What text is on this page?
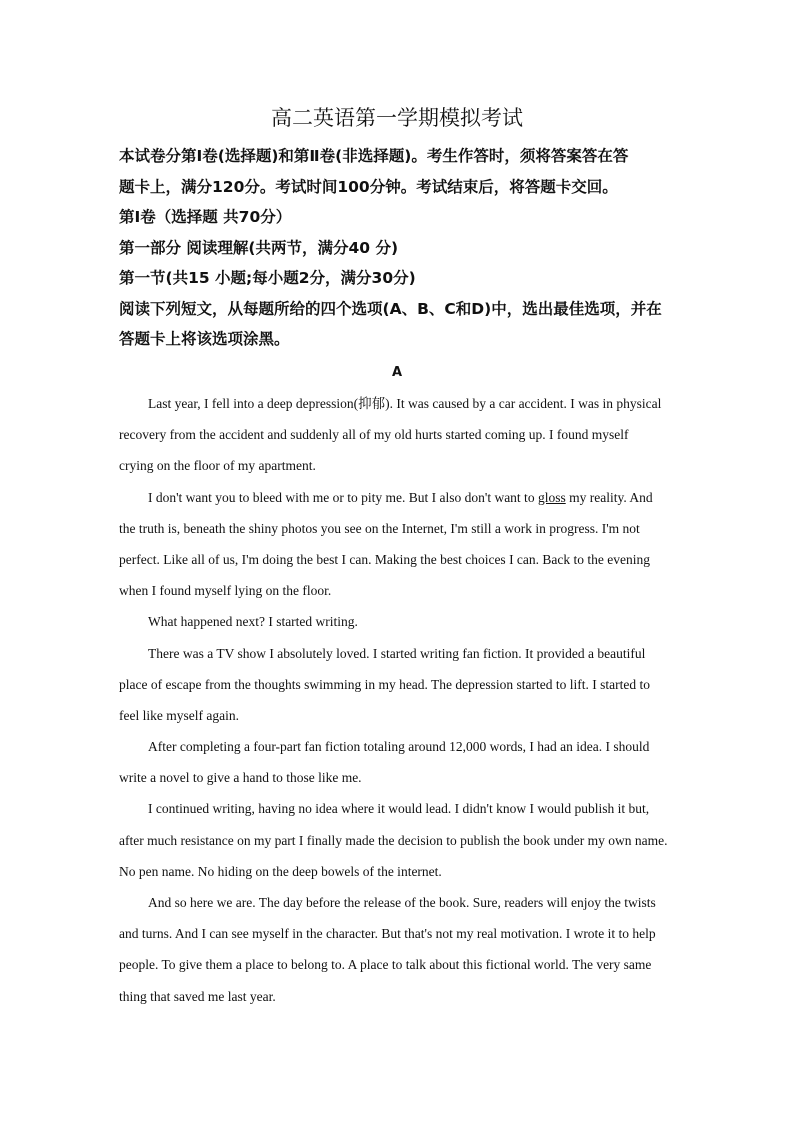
高二英语第一学期模拟考试
本试卷分第Ⅰ卷(选择题)和第Ⅱ卷(非选择题)。考生作答时，须将答案答在答
题卡上，满分120分。考试时间100分钟。考试结束后，将答题卡交回。
第Ⅰ卷（选择题 共70分）
第一部分 阅读理解(共两节，满分40 分)
第一节(共15 小题;每小题2分，满分30分)
阅读下列短文，从每题所给的四个选项(A、B、C和D)中，选出最佳选项，并在
答题卡上将该选项涂黑。
A
Last year, I fell into a deep depression(抑郁). It was caused by a car accident. I was in physical
recovery from the accident and suddenly all of my old hurts started coming up. I found myself
crying on the floor of my apartment.
I don't want you to bleed with me or to pity me. But I also don't want to gloss my reality. And
the truth is, beneath the shiny photos you see on the Internet, I'm still a work in progress. I'm not
perfect. Like all of us, I'm doing the best I can. Making the best choices I can. Back to the evening
when I found myself lying on the floor.
What happened next? I started writing.
There was a TV show I absolutely loved. I started writing fan fiction. It provided a beautiful
place of escape from the thoughts swimming in my head. The depression started to lift. I started to
feel like myself again.
After completing a four-part fan fiction totaling around 12,000 words, I had an idea. I should
write a novel to give a hand to those like me.
I continued writing, having no idea where it would lead. I didn't know I would publish it but,
after much resistance on my part I finally made the decision to publish the book under my own name.
No pen name. No hiding on the deep bowels of the internet.
And so here we are. The day before the release of the book. Sure, readers will enjoy the twists
and turns. And I can see myself in the character. But that's not my real motivation. I wrote it to help
people. To give them a place to belong to. A place to talk about this fictional world. The very same
thing that saved me last year.
